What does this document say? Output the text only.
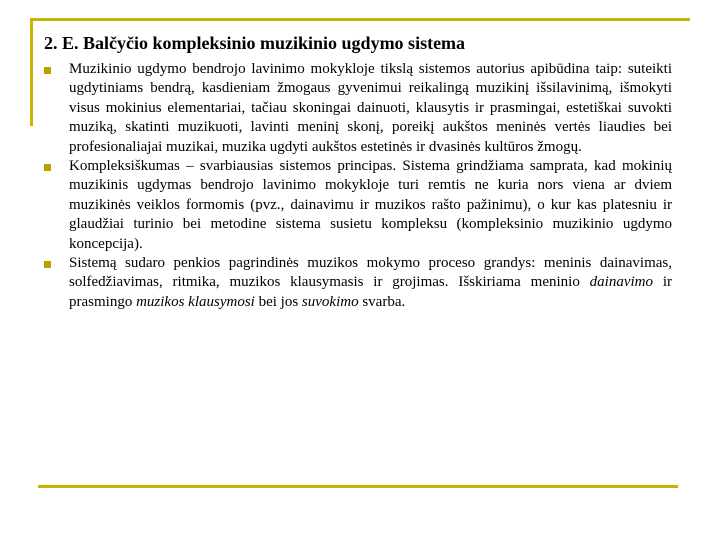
2. E. Balčyčio kompleksinio muzikinio ugdymo sistema

Muzikinio ugdymo bendrojo lavinimo mokykloje tikslą sistemos autorius apibūdina taip: suteikti ugdytiniams bendrą, kasdieniam žmogaus gyvenimui reikalingą muzikinį išsilavinimą, išmokyti visus mokinius elementariai, tačiau skoningai dainuoti, klausytis ir prasmingai, estetiškai suvokti muziką, skatinti muzikuoti, lavinti meninį skonį, poreikį aukštos meninės vertės liaudies bei profesionaliajai muzikai, muzika ugdyti aukštos estetinės ir dvasinės kultūros žmogų.

Kompleksiškumas – svarbiausias sistemos principas. Sistema grindžiama samprata, kad mokinių muzikinis ugdymas bendrojo lavinimo mokykloje turi remtis ne kuria nors viena ar dviem muzikinės veiklos formomis (pvz., dainavimu ir muzikos rašto pažinimu), o kur kas platesniu ir glaudžiai turinio bei metodine sistema susietu kompleksu (kompleksinio muzikinio ugdymo koncepcija).

Sistemą sudaro penkios pagrindinės muzikos mokymo proceso grandys: meninis dainavimas, solfedžiavimas, ritmika, muzikos klausymasis ir grojimas. Išskiriama meninio dainavimo ir prasmingo muzikos klausymosi bei jos suvokimo svarba.
